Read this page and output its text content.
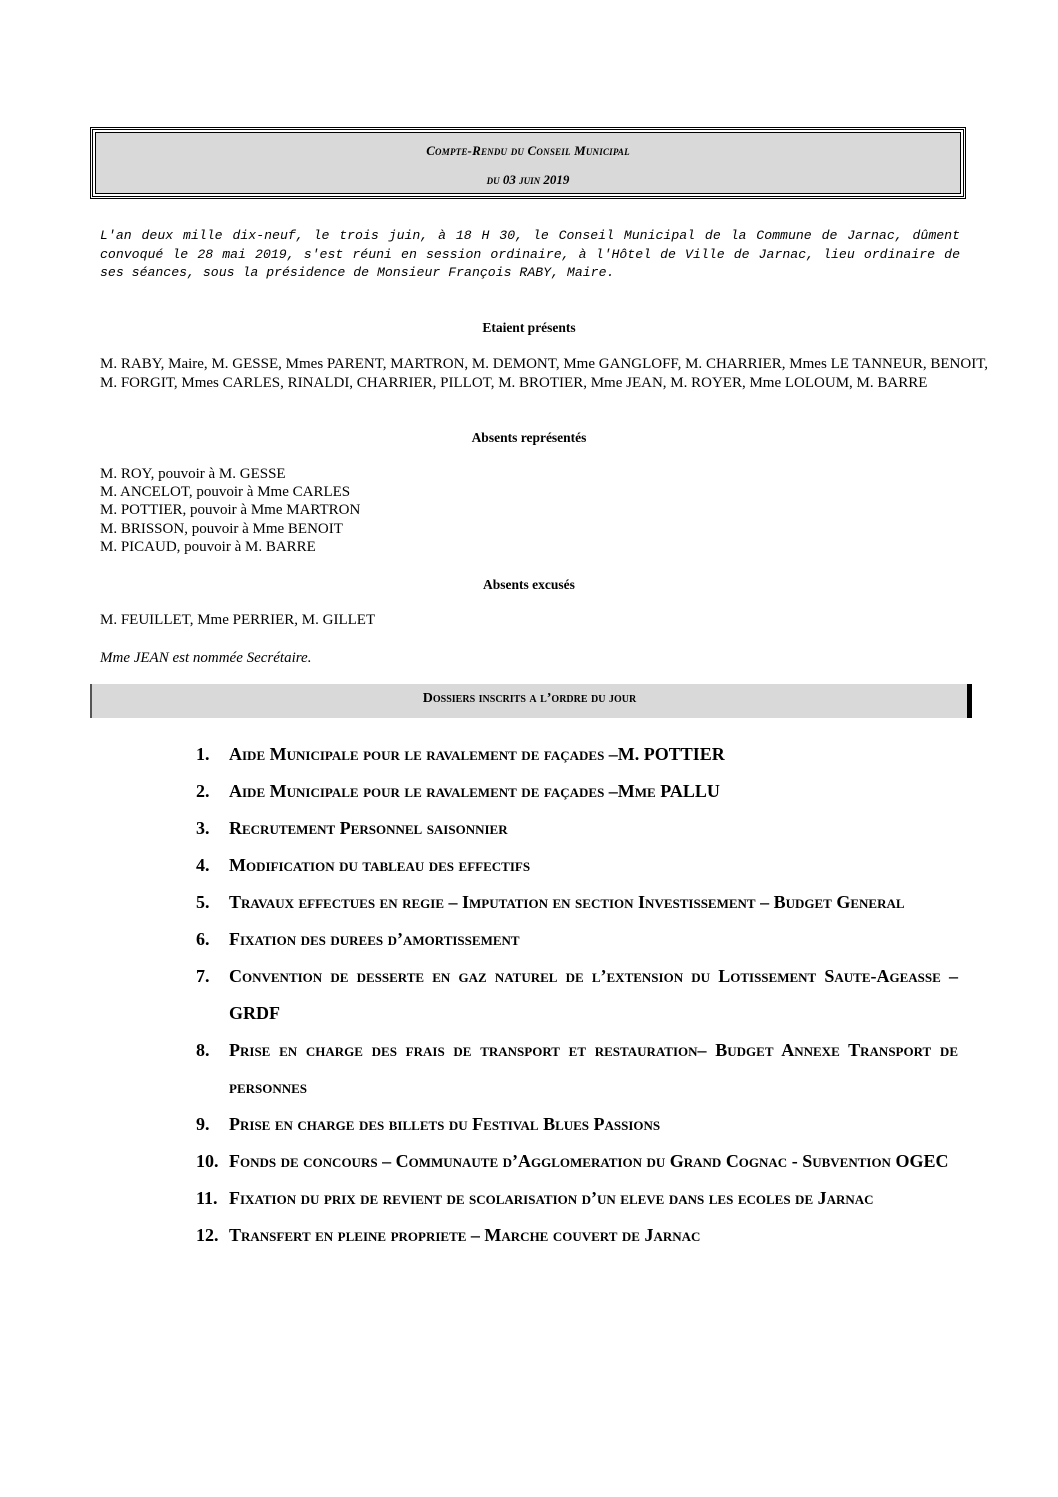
Compte-Rendu du Conseil Municipal
du 03 juin 2019
L'an deux mille dix-neuf, le trois juin, à 18 H 30, le Conseil Municipal de la Commune de Jarnac, dûment convoqué le 28 mai 2019, s'est réuni en session ordinaire, à l'Hôtel de Ville de Jarnac, lieu ordinaire de ses séances, sous la présidence de Monsieur François RABY, Maire.
Etaient présents
M. RABY, Maire, M. GESSE, Mmes PARENT, MARTRON, M. DEMONT, Mme GANGLOFF, M. CHARRIER, Mmes LE TANNEUR, BENOIT, M. FORGIT, Mmes CARLES, RINALDI, CHARRIER, PILLOT, M. BROTIER, Mme JEAN, M. ROYER, Mme LOLOUM, M. BARRE
Absents représentés
M. ROY, pouvoir à M. GESSE
M. ANCELOT, pouvoir à Mme CARLES
M. POTTIER, pouvoir à Mme MARTRON
M. BRISSON, pouvoir à Mme BENOIT
M. PICAUD, pouvoir à M. BARRE
Absents excusés
M. FEUILLET, Mme PERRIER, M. GILLET
Mme JEAN est nommée Secrétaire.
Dossiers inscrits a l’ordre du jour
1. Aide Municipale pour le ravalement de façades –M. POTTIER
2. Aide Municipale pour le ravalement de façades –Mme PALLU
3. Recrutement Personnel saisonnier
4. Modification du tableau des effectifs
5. Travaux effectues en regie – Imputation en section Investissement – Budget General
6. Fixation des durees d’amortissement
7. Convention de desserte en gaz naturel de l’extension du Lotissement Saute-Ageasse – GRDF
8. Prise en charge des frais de transport et restauration– Budget Annexe Transport de personnes
9. Prise en charge des billets du Festival Blues Passions
10. Fonds de concours – Communaute d’Agglomeration du Grand Cognac - Subvention OGEC
11. Fixation du prix de revient de scolarisation d’un eleve dans les ecoles de Jarnac
12. Transfert en pleine propriete – Marche couvert de Jarnac
